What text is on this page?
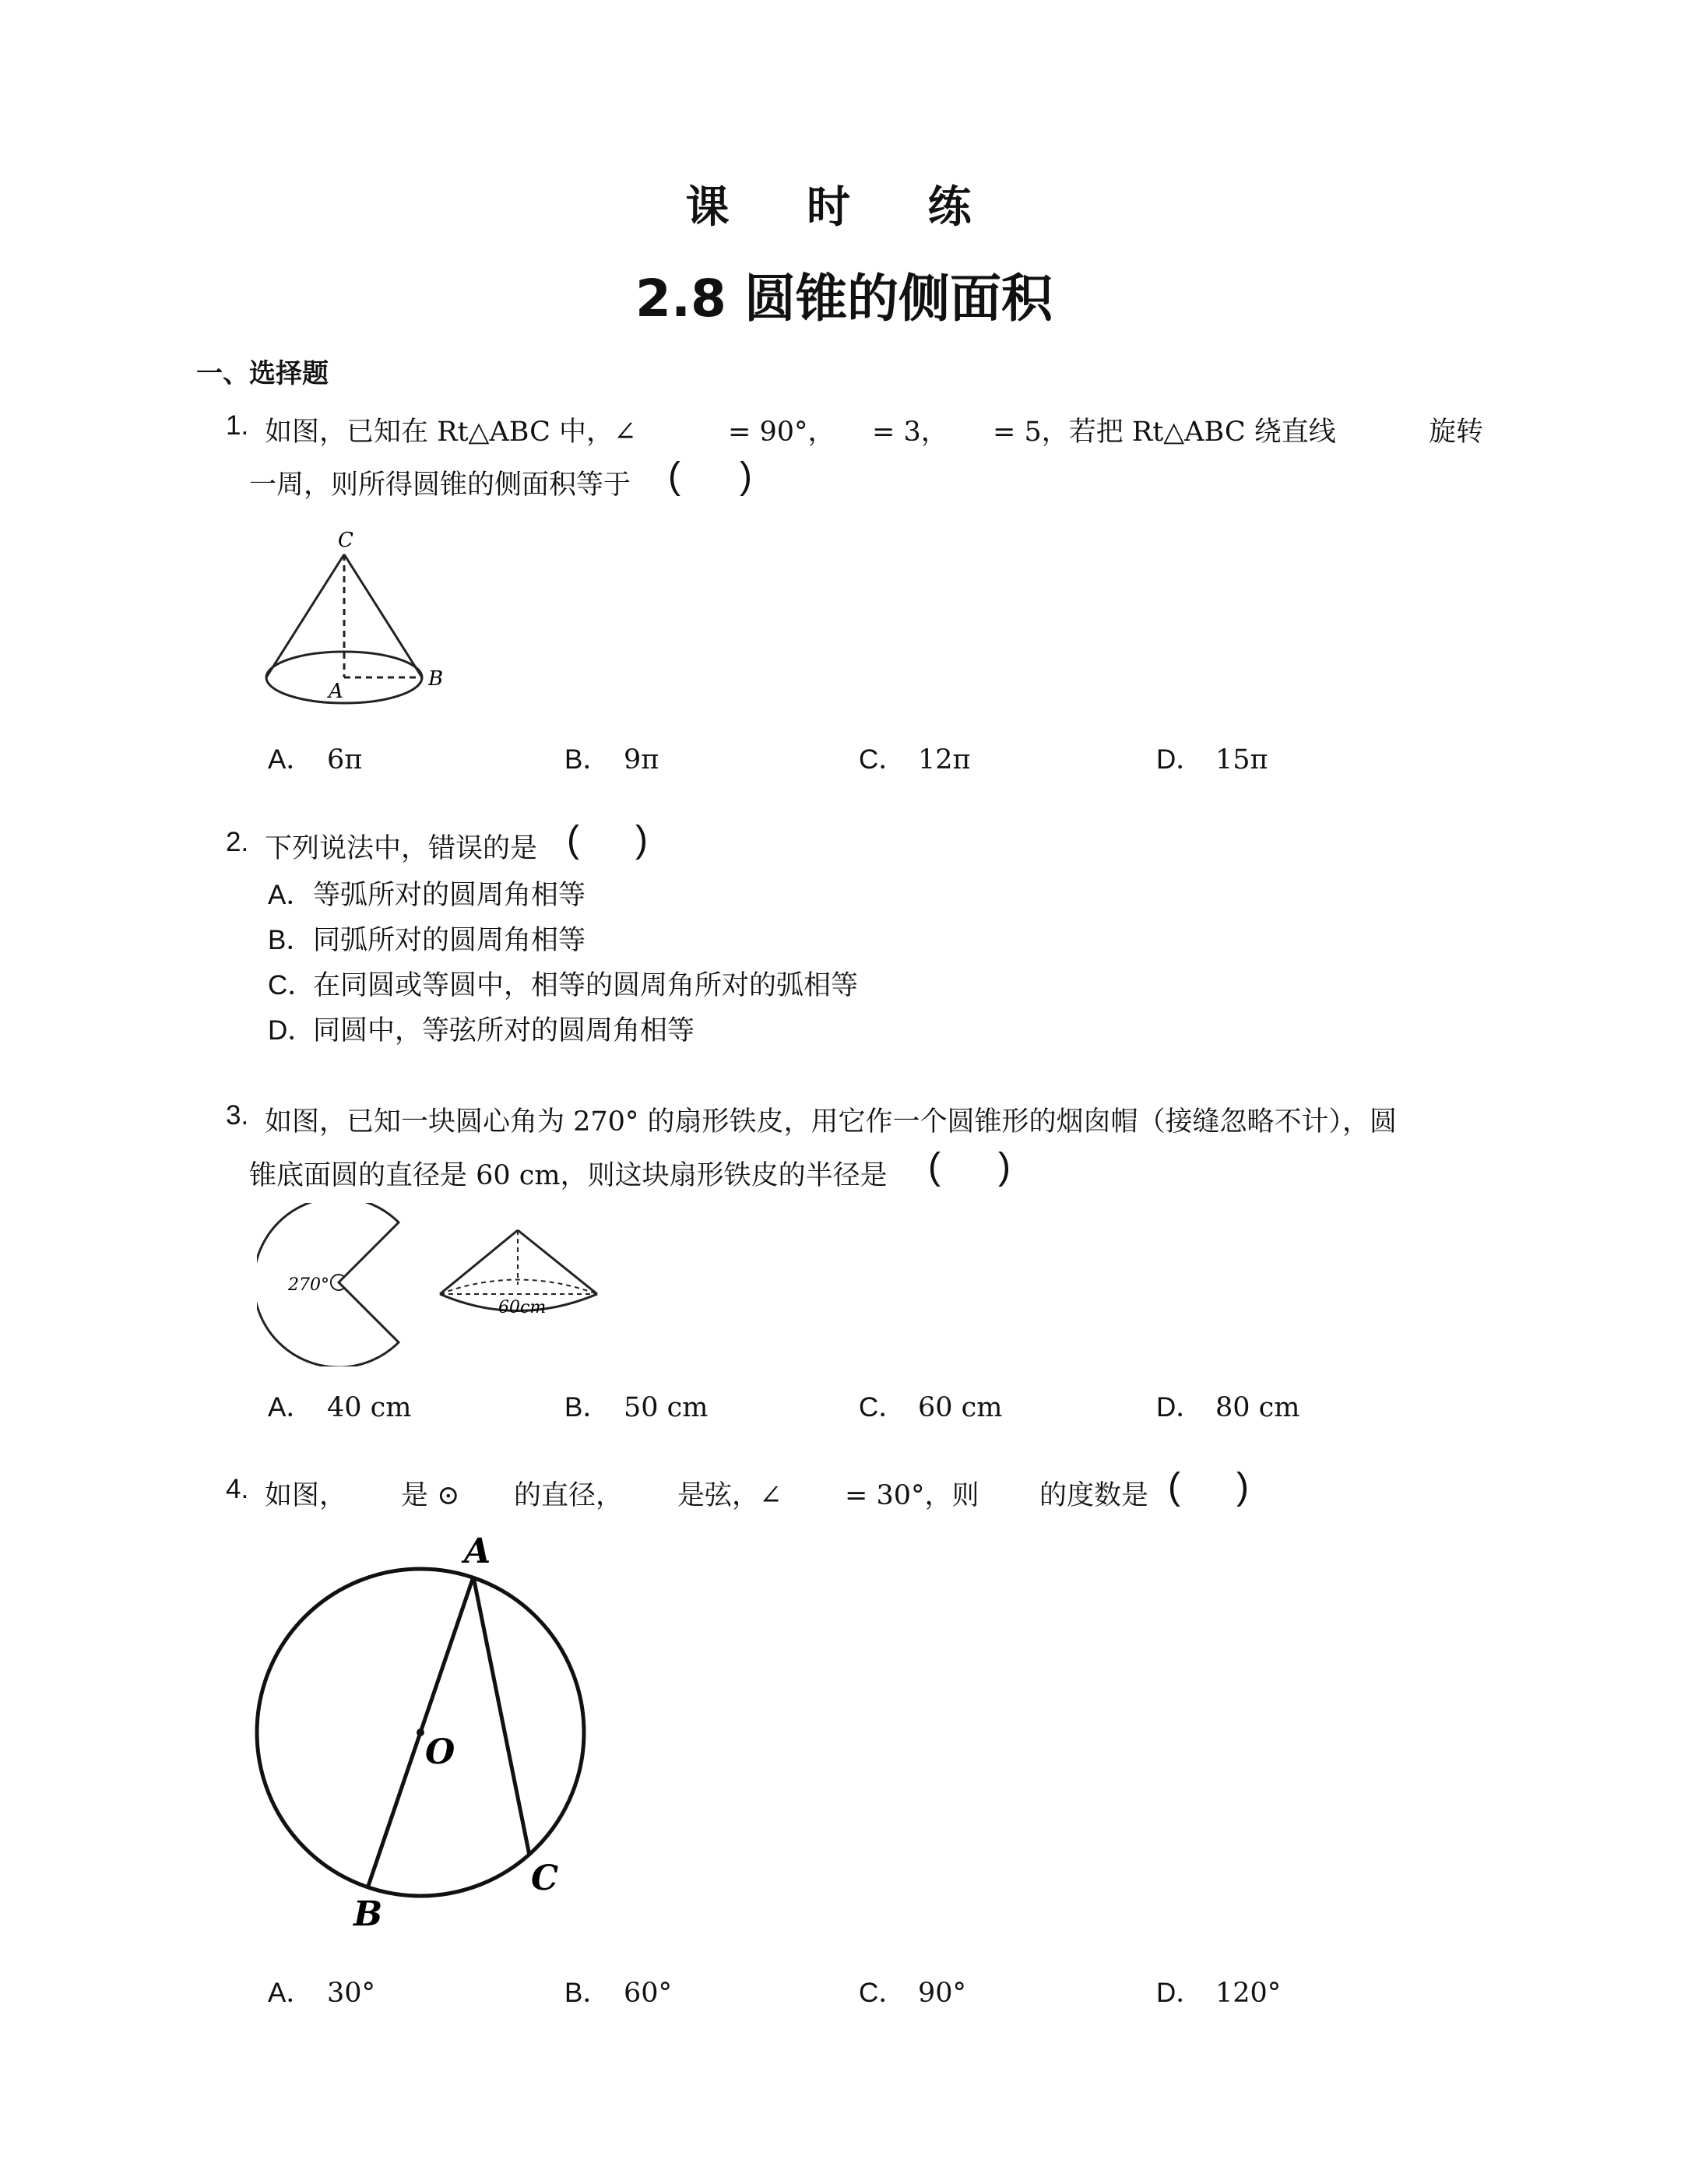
课 时 练
2.8 圆锥的侧面积
一、选择题
1. 如图，已知在 Rt△ABC 中，∠	= 90°， = 3， = 5，若把 Rt△ABC 绕直线	旋转
一周，则所得圆锥的侧面积等于 ( )
C
A
B
A． 6π	B． 9π	C． 12π	D． 15π
2. 下列说法中，错误的是 ( )
A．等弧所对的圆周角相等
B．同弧所对的圆周角相等
C．在同圆或等圆中，相等的圆周角所对的弧相等
D．同圆中，等弦所对的圆周角相等
3. 如图，已知一块圆心角为 270° 的扇形铁皮，用它作一个圆锥形的烟囱帽（接缝忽略不计），圆
锥底面圆的直径是 60 cm，则这块扇形铁皮的半径是 ( )
270°
60cm
A． 40 cm	B． 50 cm	C． 60 cm	D． 80 cm
4. 如图， 是 ⊙ 的直径， 是弦，∠ = 30°，则 的度数是 ( )
A
O
B
C
A． 30°	B． 60°	C． 90°	D． 120°
